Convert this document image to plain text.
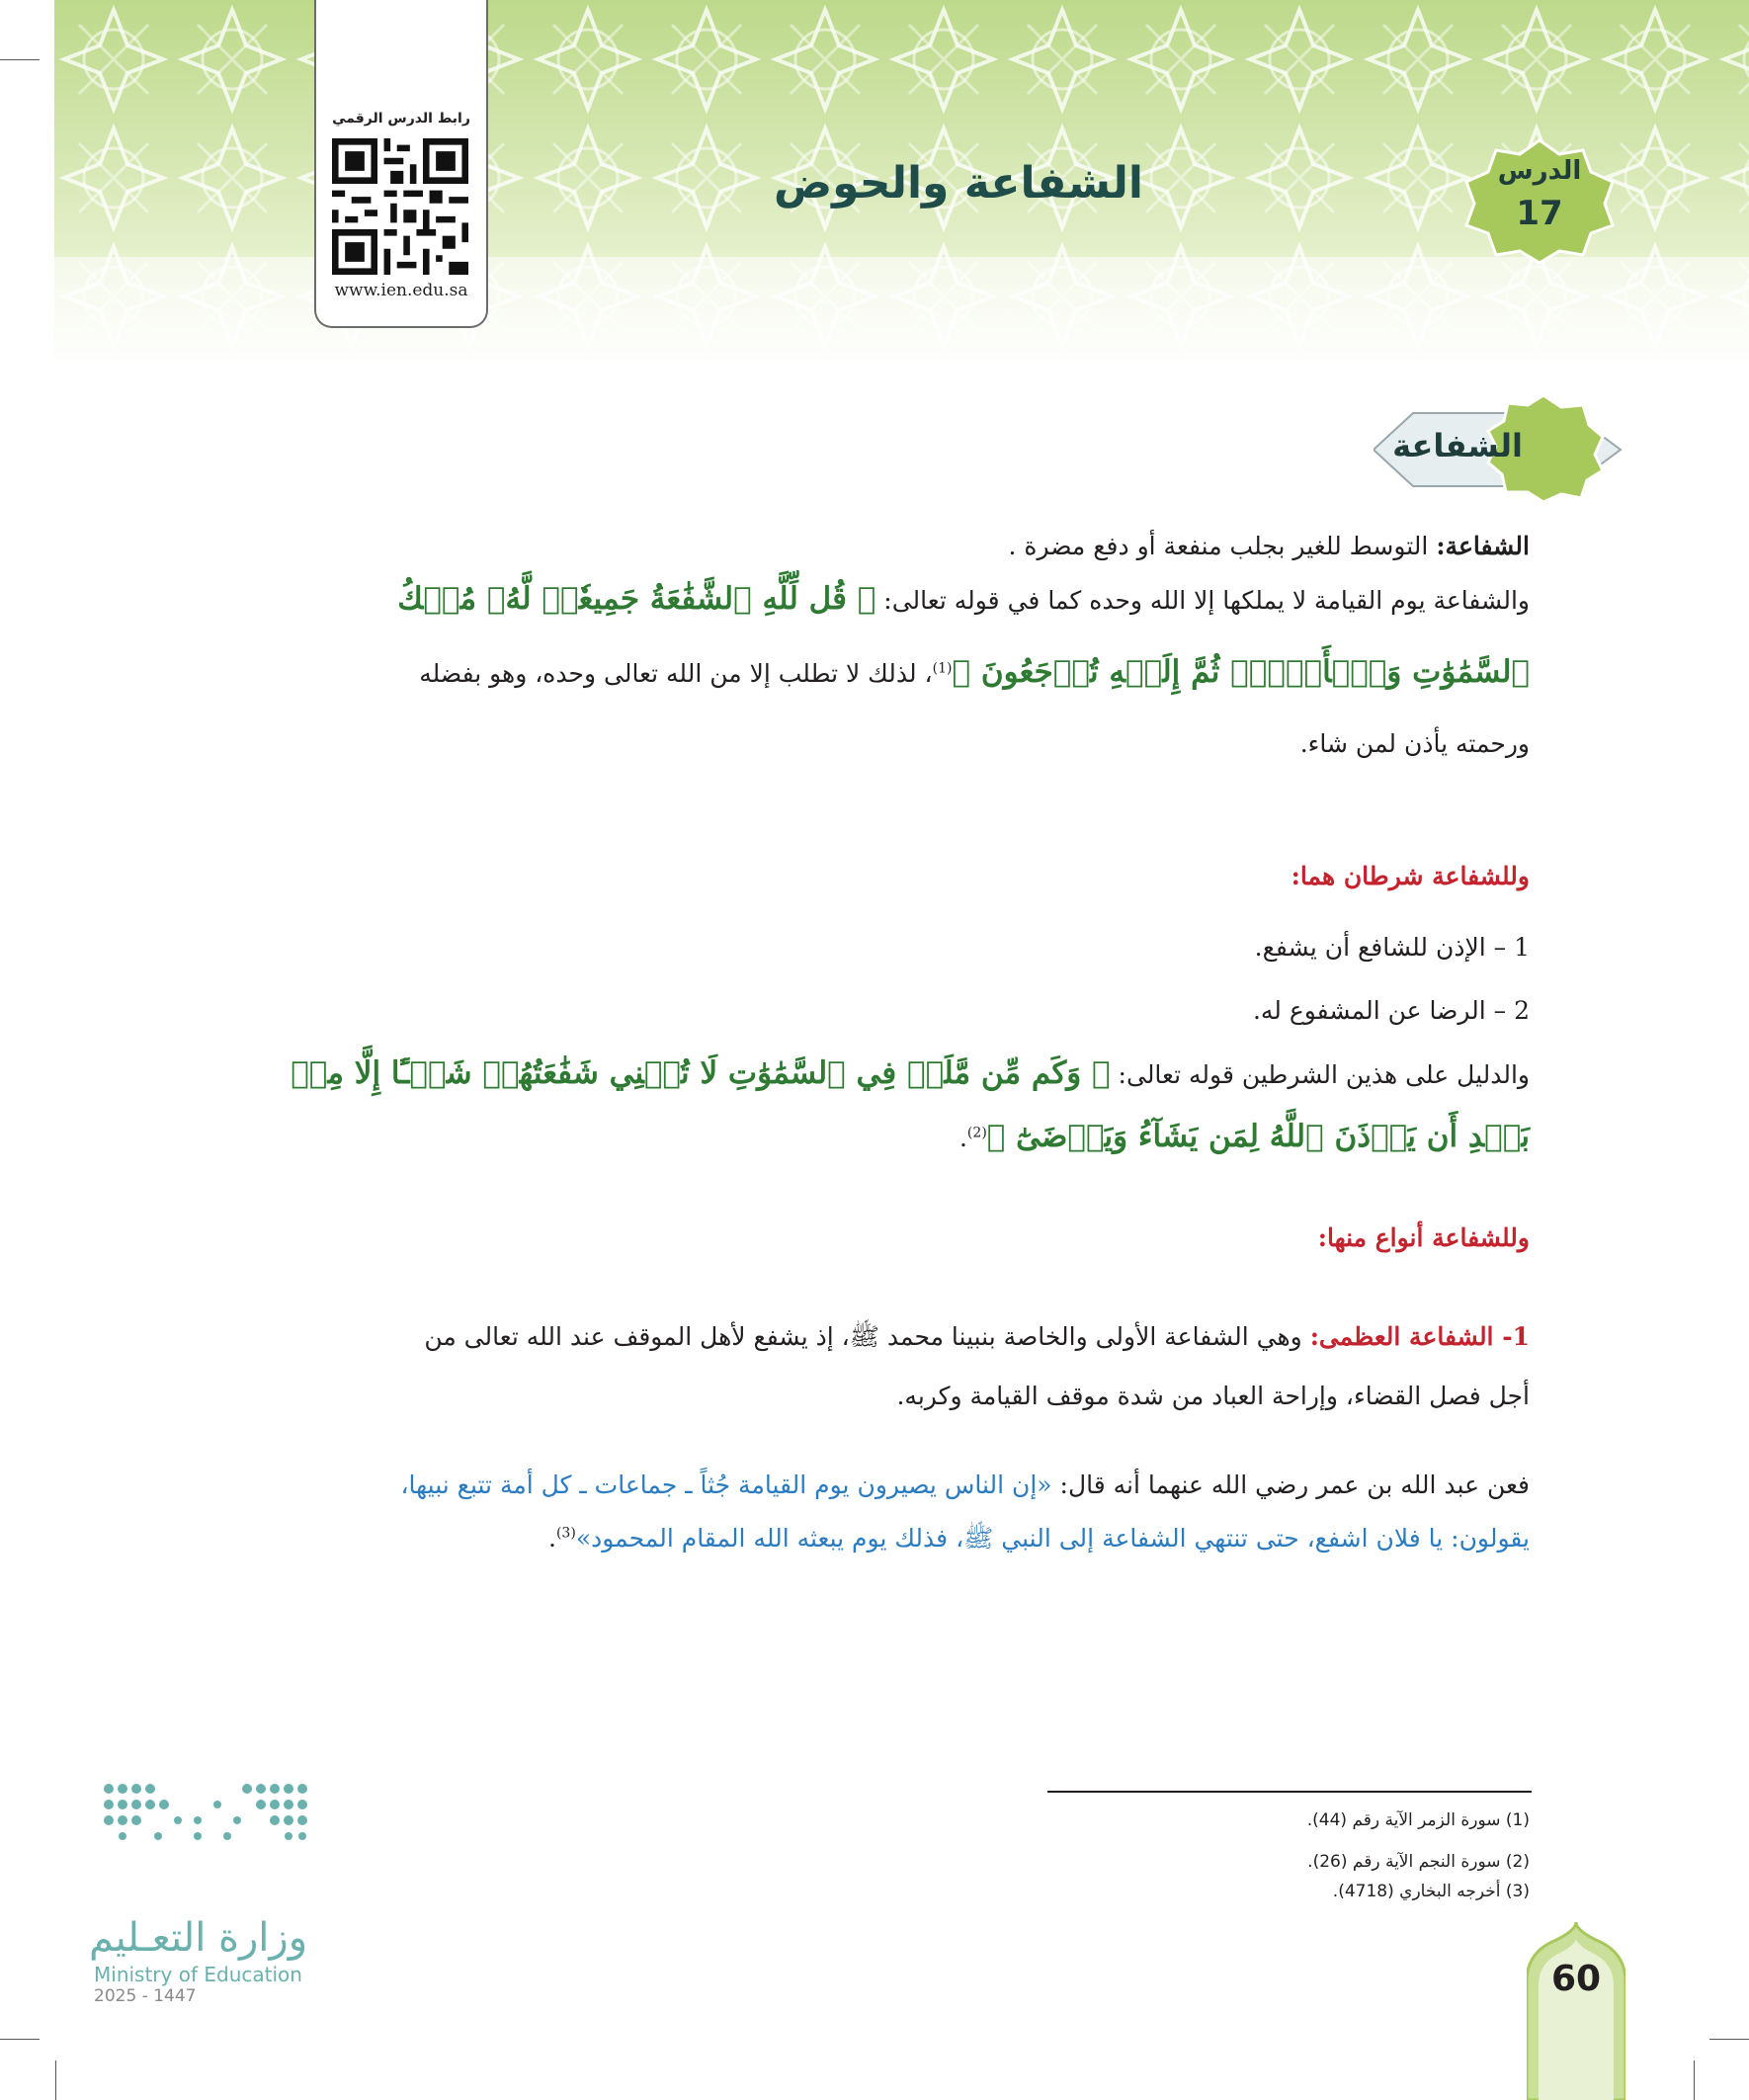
رابط الدرس الرقمي
www.ien.edu.sa
الشفاعة والحوض	الدرس
17
الشفاعة
الشفاعة: التوسط للغير بجلب منفعة أو دفع مضرة .
والشفاعة يوم القيامة لا يملكها إلا الله وحده كما في قوله تعالى: ﴿ قُل لِّلَّهِ ٱلشَّفَٰعَةُ جَمِيعٗاۖ لَّهُۥ مُلۡكُ
ٱلسَّمَٰوَٰتِ وَٱلۡأَرۡضِۖ ثُمَّ إِلَيۡهِ تُرۡجَعُونَ ﴾$^{(1)}$، لذلك لا تطلب إلا من الله تعالى وحده، وهو بفضله
ورحمته يأذن لمن شاء.
وللشفاعة شرطان هما:
1 – الإذن للشافع أن يشفع.
2 – الرضا عن المشفوع له.
والدليل على هذين الشرطين قوله تعالى: ﴿ وَكَم مِّن مَّلَكٖ فِي ٱلسَّمَٰوَٰتِ لَا تُغۡنِي شَفَٰعَتُهُمۡ شَيۡـًٔا إِلَّا مِنۢ
بَعۡدِ أَن يَأۡذَنَ ٱللَّهُ لِمَن يَشَآءُ وَيَرۡضَىٰٓ ﴾$^{(2)}$.
وللشفاعة أنواع منها:
1- الشفاعة العظمى: وهي الشفاعة الأولى والخاصة بنبينا محمد ﷺ، إذ يشفع لأهل الموقف عند الله تعالى من
أجل فصل القضاء، وإراحة العباد من شدة موقف القيامة وكربه.
فعن عبد الله بن عمر رضي الله عنهما أنه قال: «إن الناس يصيرون يوم القيامة جُثاً ـ جماعات ـ كل أمة تتبع نبيها،
يقولون: يا فلان اشفع، حتى تنتهي الشفاعة إلى النبي ﷺ، فذلك يوم يبعثه الله المقام المحمود»$^{(3)}$.
(1) سورة الزمر الآية رقم (44).
(2) سورة النجم الآية رقم (26).
(3) أخرجه البخاري (4718).
وزارة التعـليم
Ministry of Education
2025 - 1447	60
